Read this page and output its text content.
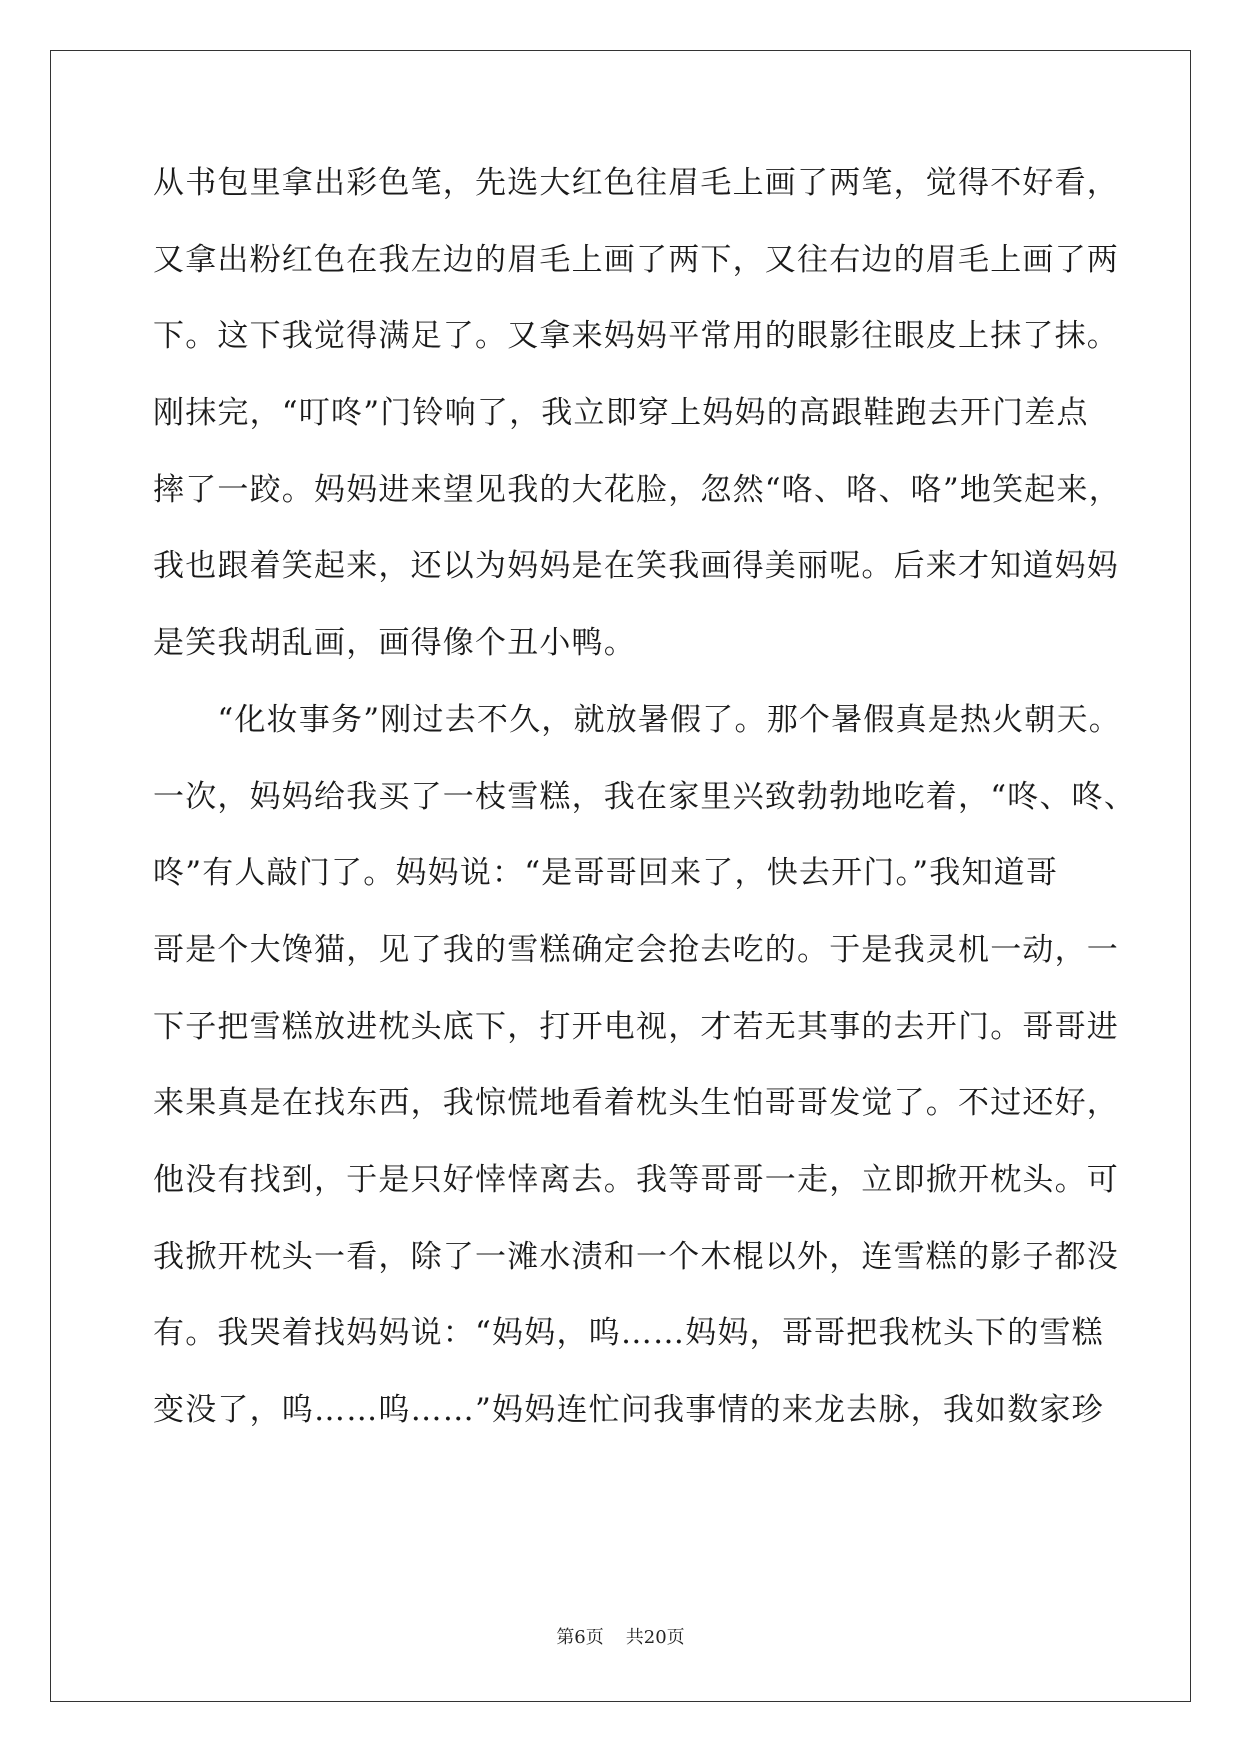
从书包里拿出彩色笔，先选大红色往眉毛上画了两笔，觉得不好看，
又拿出粉红色在我左边的眉毛上画了两下，又往右边的眉毛上画了两
下。这下我觉得满足了。又拿来妈妈平常用的眼影往眼皮上抹了抹。
刚抹完，“叮咚”门铃响了，我立即穿上妈妈的高跟鞋跑去开门差点
摔了一跤。妈妈进来望见我的大花脸，忽然“咯、咯、咯”地笑起来，
我也跟着笑起来，还以为妈妈是在笑我画得美丽呢。后来才知道妈妈
是笑我胡乱画，画得像个丑小鸭。
　　“化妆事务”刚过去不久，就放暑假了。那个暑假真是热火朝天。
一次，妈妈给我买了一枝雪糕，我在家里兴致勃勃地吃着，“咚、咚、
咚”有人敲门了。妈妈说：“是哥哥回来了，快去开门。”我知道哥
哥是个大馋猫，见了我的雪糕确定会抢去吃的。于是我灵机一动，一
下子把雪糕放进枕头底下，打开电视，才若无其事的去开门。哥哥进
来果真是在找东西，我惊慌地看着枕头生怕哥哥发觉了。不过还好，
他没有找到，于是只好悻悻离去。我等哥哥一走，立即掀开枕头。可
我掀开枕头一看，除了一滩水渍和一个木棍以外，连雪糕的影子都没
有。我哭着找妈妈说：“妈妈，呜……妈妈，哥哥把我枕头下的雪糕
变没了，呜……呜……”妈妈连忙问我事情的来龙去脉，我如数家珍
第6页 共20页
